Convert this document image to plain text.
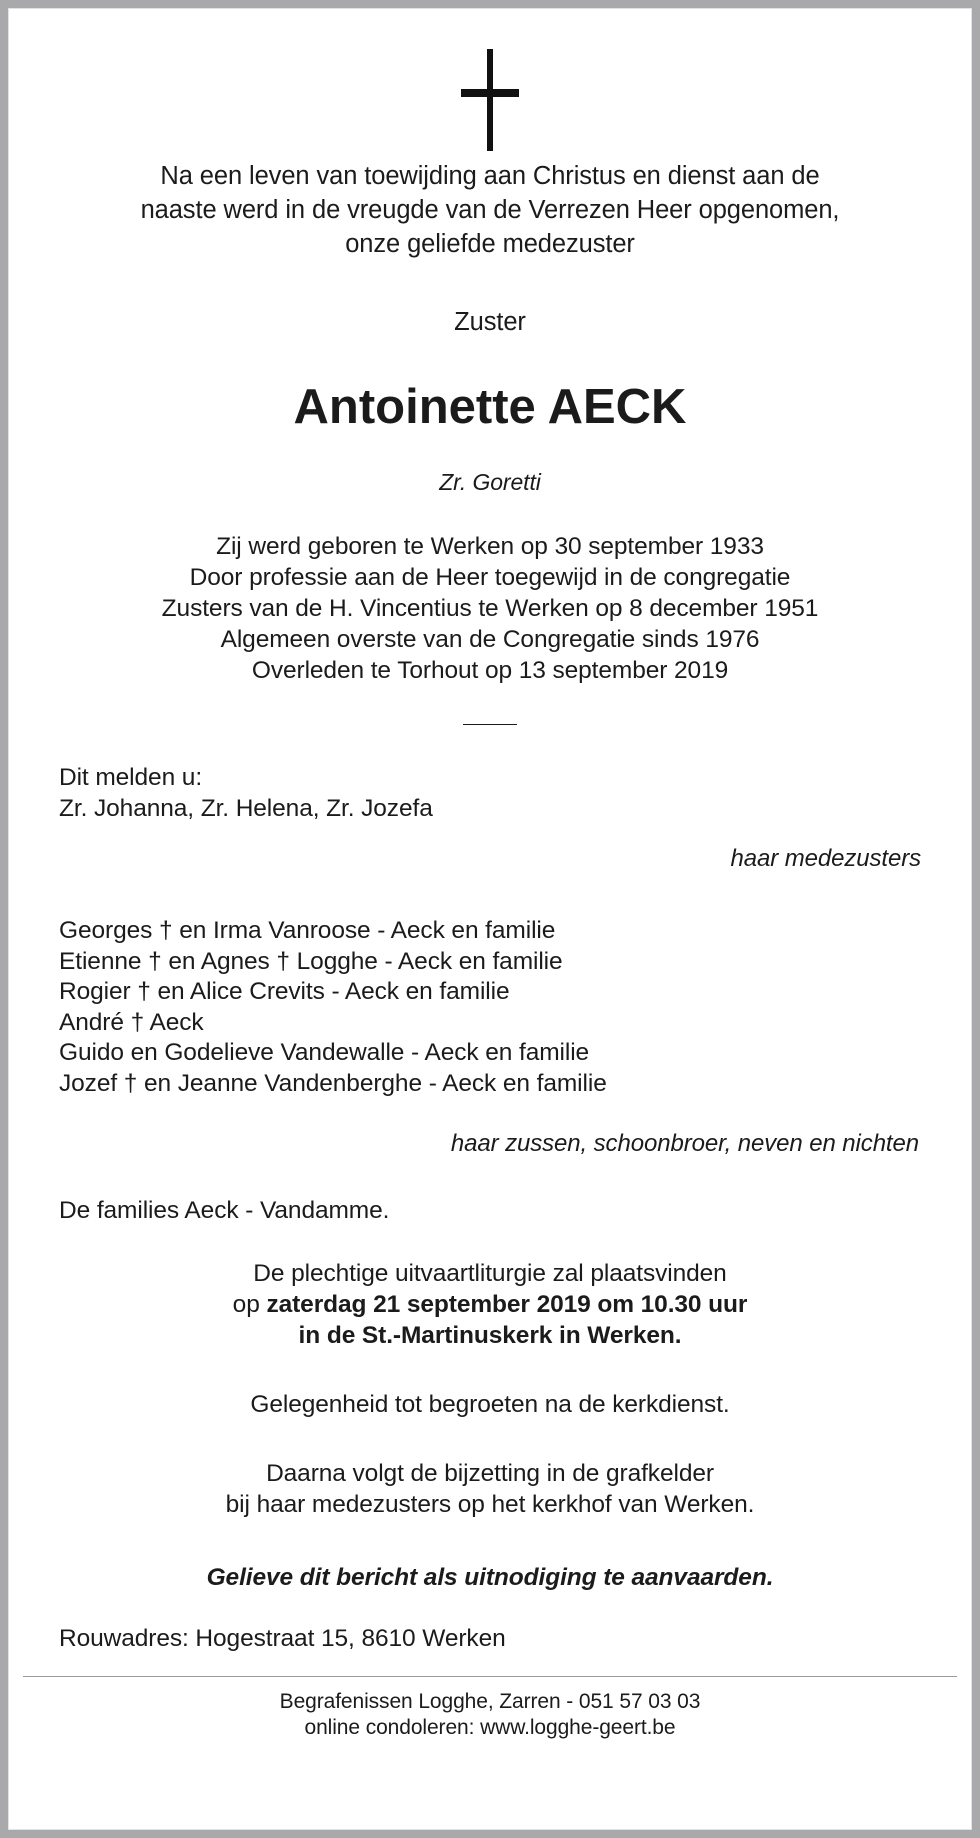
Na een leven van toewijding aan Christus en dienst aan de
naaste werd in de vreugde van de Verrezen Heer opgenomen,
onze geliefde medezuster

Zuster

Antoinette AECK

Zr. Goretti

Zij werd geboren te Werken op 30 september 1933
Door professie aan de Heer toegewijd in de congregatie
Zusters van de H. Vincentius te Werken op 8 december 1951
Algemeen overste van de Congregatie sinds 1976
Overleden te Torhout op 13 september 2019

Dit melden u:
Zr. Johanna, Zr. Helena, Zr. Jozefa

haar medezusters

Georges † en Irma Vanroose - Aeck en familie
Etienne † en Agnes † Logghe - Aeck en familie
Rogier † en Alice Crevits - Aeck en familie
André † Aeck
Guido en Godelieve Vandewalle - Aeck en familie
Jozef † en Jeanne Vandenberghe - Aeck en familie

haar zussen, schoonbroer, neven en nichten

De families Aeck - Vandamme.

De plechtige uitvaartliturgie zal plaatsvinden
op zaterdag 21 september 2019 om 10.30 uur
in de St.-Martinuskerk in Werken.

Gelegenheid tot begroeten na de kerkdienst.

Daarna volgt de bijzetting in de grafkelder
bij haar medezusters op het kerkhof van Werken.

Gelieve dit bericht als uitnodiging te aanvaarden.

Rouwadres: Hogestraat 15, 8610 Werken

Begrafenissen Logghe, Zarren - 051 57 03 03
online condoleren: www.logghe-geert.be
